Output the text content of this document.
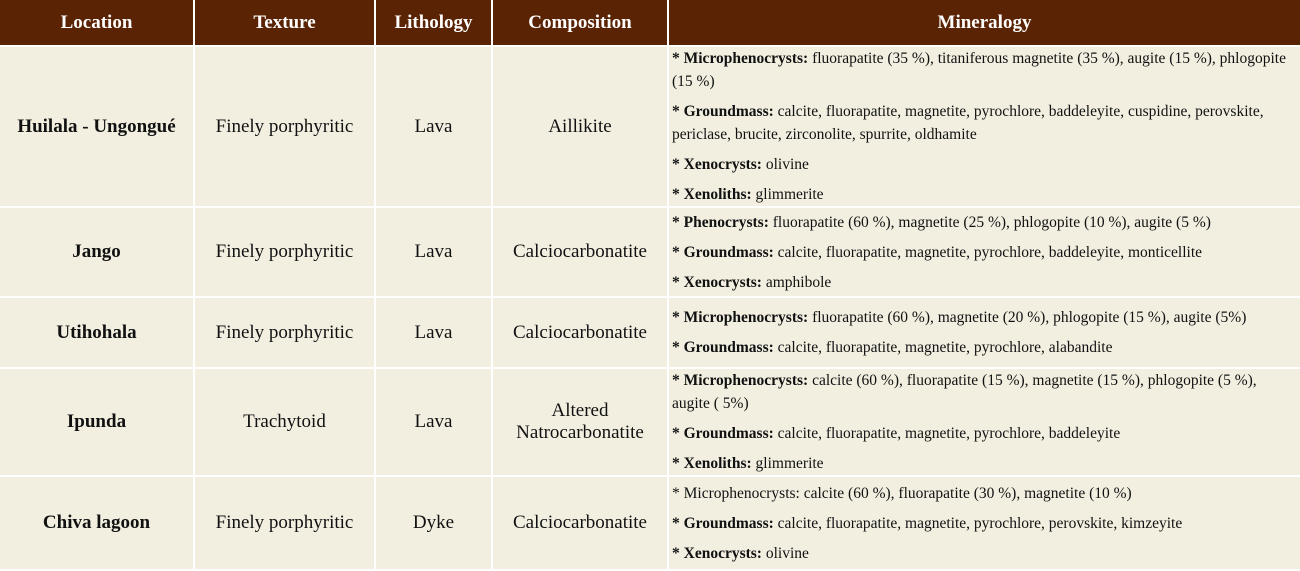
Location	Texture	Lithology	Composition	Mineralogy
Huilala - Ungongué	Finely porphyritic	Lava	Aillikite	* Microphenocrysts: fluorapatite (35 %), titaniferous magnetite (35 %), augite (15 %), phlogopite (15 %)
* Groundmass: calcite, fluorapatite, magnetite, pyrochlore, baddeleyite, cuspidine, perovskite, periclase, brucite, zirconolite, spurrite, oldhamite
* Xenocrysts: olivine
* Xenoliths: glimmerite

Jango	Finely porphyritic	Lava	Calciocarbonatite	* Phenocrysts: fluorapatite (60 %), magnetite (25 %), phlogopite (10 %), augite (5 %)
* Groundmass: calcite, fluorapatite, magnetite, pyrochlore, baddeleyite, monticellite
* Xenocrysts: amphibole

Utihohala	Finely porphyritic	Lava	Calciocarbonatite	* Microphenocrysts: fluorapatite (60 %), magnetite (20 %), phlogopite (15 %), augite (5%)
* Groundmass: calcite, fluorapatite, magnetite, pyrochlore, alabandite

Ipunda	Trachytoid	Lava	Altered Natrocarbonatite	* Microphenocrysts: calcite (60 %), fluorapatite (15 %), magnetite (15 %), phlogopite (5 %), augite ( 5%)
* Groundmass: calcite, fluorapatite, magnetite, pyrochlore, baddeleyite
* Xenoliths: glimmerite

Chiva lagoon	Finely porphyritic	Dyke	Calciocarbonatite	* Microphenocrysts: calcite (60 %), fluorapatite (30 %), magnetite (10 %)
* Groundmass: calcite, fluorapatite, magnetite, pyrochlore, perovskite, kimzeyite
* Xenocrysts: olivine
